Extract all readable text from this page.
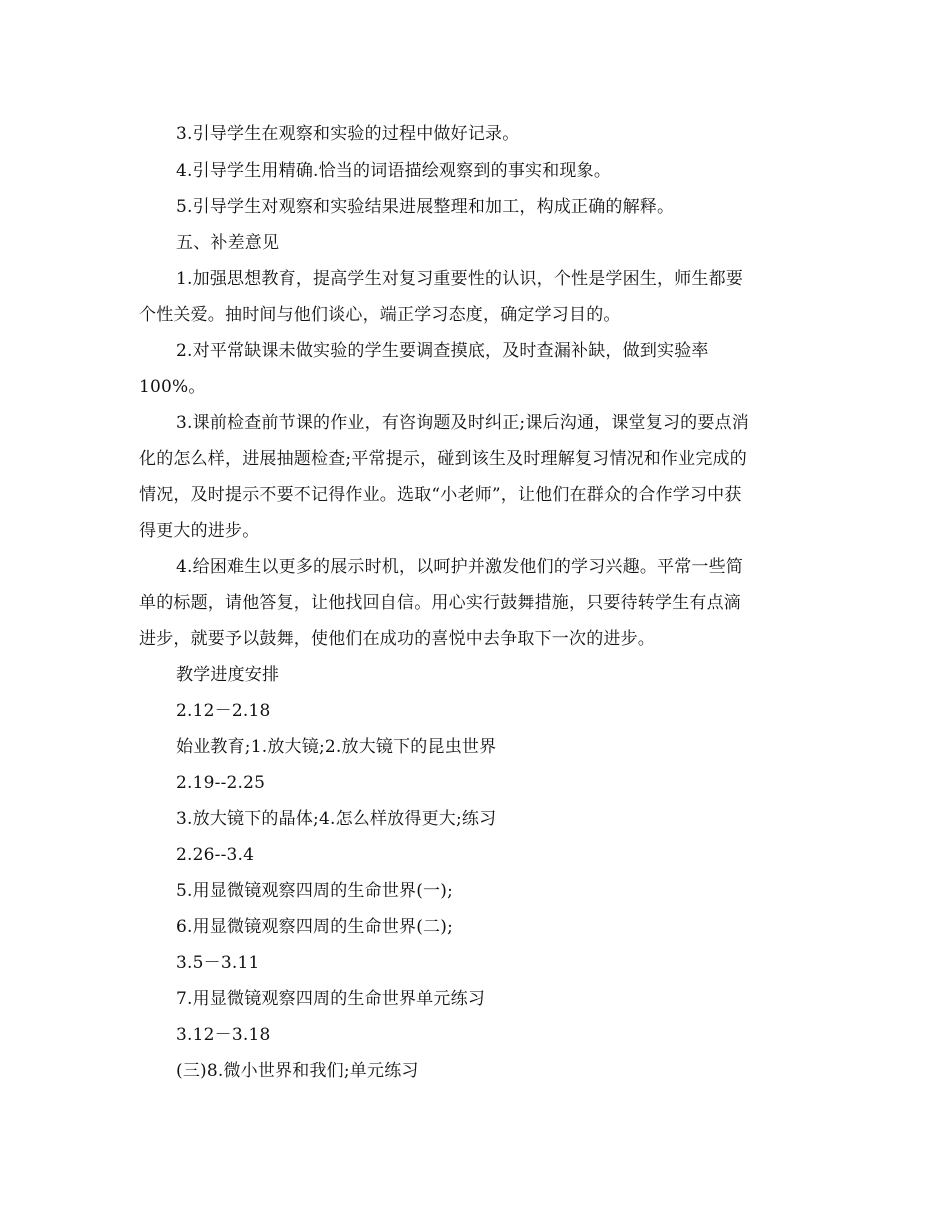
3.引导学生在观察和实验的过程中做好记录。
4.引导学生用精确.恰当的词语描绘观察到的事实和现象。
5.引导学生对观察和实验结果进展整理和加工，构成正确的解释。
五、补差意见
1.加强思想教育，提高学生对复习重要性的认识，个性是学困生，师生都要
个性关爱。抽时间与他们谈心，端正学习态度，确定学习目的。
2.对平常缺课未做实验的学生要调查摸底，及时查漏补缺，做到实验率
100%。
3.课前检查前节课的作业，有咨询题及时纠正;课后沟通，课堂复习的要点消
化的怎么样，进展抽题检查;平常提示，碰到该生及时理解复习情况和作业完成的
情况，及时提示不要不记得作业。选取“小老师”，让他们在群众的合作学习中获
得更大的进步。
4.给困难生以更多的展示时机，以呵护并激发他们的学习兴趣。平常一些简
单的标题，请他答复，让他找回自信。用心实行鼓舞措施，只要待转学生有点滴
进步，就要予以鼓舞，使他们在成功的喜悦中去争取下一次的进步。
教学进度安排
2.12－2.18
始业教育;1.放大镜;2.放大镜下的昆虫世界
2.19--2.25
3.放大镜下的晶体;4.怎么样放得更大;练习
2.26--3.4
5.用显微镜观察四周的生命世界(一);
6.用显微镜观察四周的生命世界(二);
3.5－3.11
7.用显微镜观察四周的生命世界单元练习
3.12－3.18
(三)8.微小世界和我们;单元练习
